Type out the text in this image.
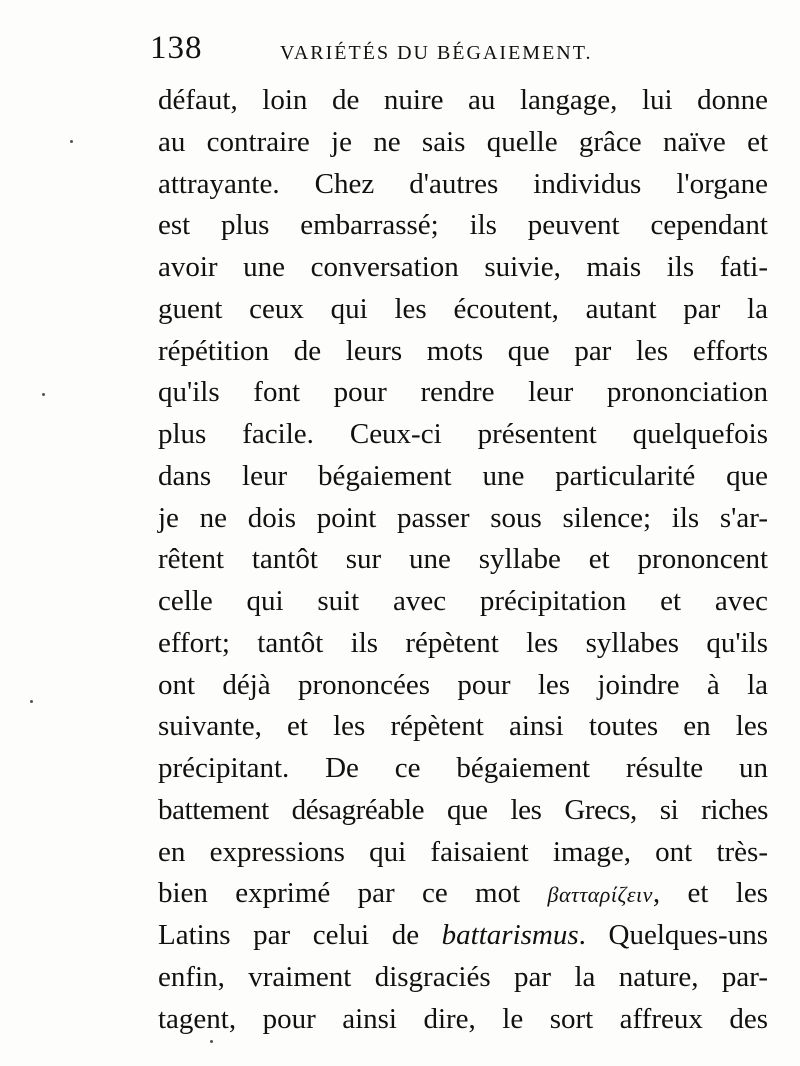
138	VARIÉTÉS DU BÉGAIEMENT.
défaut, loin de nuire au langage, lui donne
au contraire je ne sais quelle grâce naïve et
attrayante. Chez d'autres individus l'organe
est plus embarrassé; ils peuvent cependant
avoir une conversation suivie, mais ils fati-
guent ceux qui les écoutent, autant par la
répétition de leurs mots que par les efforts
qu'ils font pour rendre leur prononciation
plus facile. Ceux-ci présentent quelquefois
dans leur bégaiement une particularité que
je ne dois point passer sous silence; ils s'ar-
rêtent tantôt sur une syllabe et prononcent
celle qui suit avec précipitation et avec
effort; tantôt ils répètent les syllabes qu'ils
ont déjà prononcées pour les joindre à la
suivante, et les répètent ainsi toutes en les
précipitant. De ce bégaiement résulte un
battement désagréable que les Grecs, si riches
en expressions qui faisaient image, ont très-
bien exprimé par ce mot βατταρίζειν, et les
Latins par celui de battarismus. Quelques-uns
enfin, vraiment disgraciés par la nature, par-
tagent, pour ainsi dire, le sort affreux des
